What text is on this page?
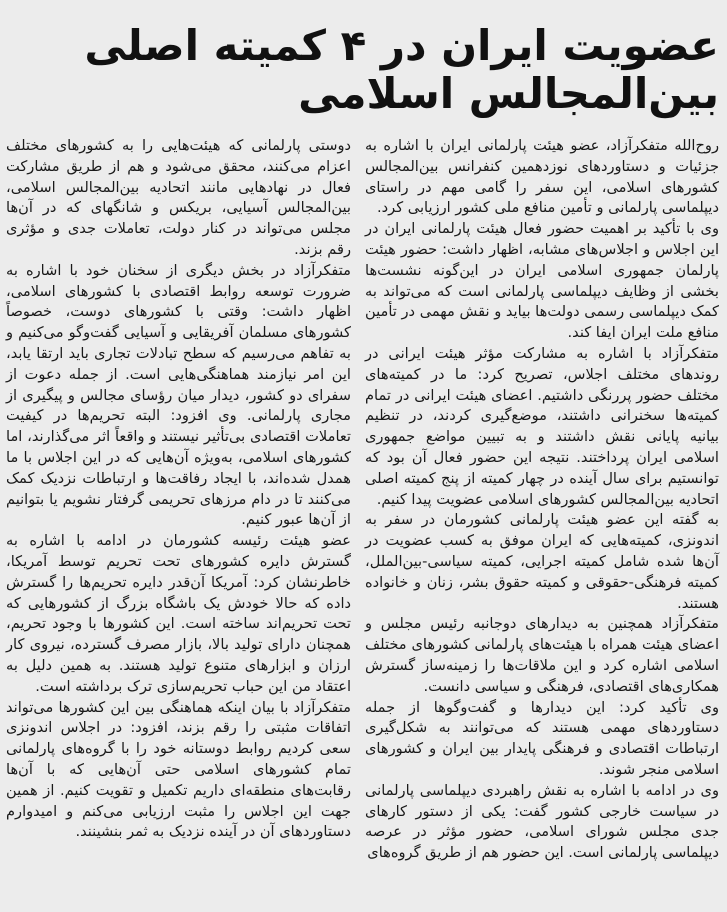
عضویت ایران در ۴ کمیته اصلی
بین‌المجالس اسلامی

روح‌الله متفکرآزاد، عضو هیئت پارلمانی ایران با اشاره به جزئیات و دستاوردهای نوزدهمین کنفرانس بین‌المجالس کشورهای اسلامی، این سفر را گامی مهم در راستای دیپلماسی پارلمانی و تأمین منافع ملی کشور ارزیابی کرد.

وی با تأکید بر اهمیت حضور فعال هیئت پارلمانی ایران در این اجلاس و اجلاس‌های مشابه، اظهار داشت: حضور هیئت پارلمان جمهوری اسلامی ایران در این‌گونه نشست‌ها بخشی از وظایف دیپلماسی پارلمانی است که می‌تواند به کمک دیپلماسی رسمی دولت‌ها بیاید و نقش مهمی در تأمین منافع ملت ایران ایفا کند.

متفکرآزاد با اشاره به مشارکت مؤثر هیئت ایرانی در روندهای مختلف اجلاس، تصریح کرد: ما در کمیته‌های مختلف حضور پررنگی داشتیم. اعضای هیئت ایرانی در تمام کمیته‌ها سخنرانی داشتند، موضع‌گیری کردند، در تنظیم بیانیه پایانی نقش داشتند و به تبیین مواضع جمهوری اسلامی ایران پرداختند. نتیجه این حضور فعال آن بود که توانستیم برای سال آینده در چهار کمیته از پنج کمیته اصلی اتحادیه بین‌المجالس کشورهای اسلامی عضویت پیدا کنیم.

به گفته این عضو هیئت پارلمانی کشورمان در سفر به اندونزی، کمیته‌هایی که ایران موفق به کسب عضویت در آن‌ها شده شامل کمیته اجرایی، کمیته سیاسی-بین‌الملل، کمیته فرهنگی-حقوقی و کمیته حقوق بشر، زنان و خانواده هستند.

متفکرآزاد همچنین به دیدارهای دوجانبه رئیس مجلس و اعضای هیئت همراه با هیئت‌های پارلمانی کشورهای مختلف اسلامی اشاره کرد و این ملاقات‌ها را زمینه‌ساز گسترش همکاری‌های اقتصادی، فرهنگی و سیاسی دانست.

وی تأکید کرد: این دیدارها و گفت‌وگوها از جمله دستاوردهای مهمی هستند که می‌توانند به شکل‌گیری ارتباطات اقتصادی و فرهنگی پایدار بین ایران و کشورهای اسلامی منجر شوند.

وی در ادامه با اشاره به نقش راهبردی دیپلماسی پارلمانی در سیاست خارجی کشور گفت: یکی از دستور کارهای جدی مجلس شورای اسلامی، حضور مؤثر در عرصه دیپلماسی پارلمانی است. این حضور هم از طریق گروه‌های

دوستی پارلمانی که هیئت‌هایی را به کشورهای مختلف اعزام می‌کنند، محقق می‌شود و هم از طریق مشارکت فعال در نهادهایی مانند اتحادیه بین‌المجالس اسلامی، بین‌المجالس آسیایی، بریکس و شانگهای که در آن‌ها مجلس می‌تواند در کنار دولت، تعاملات جدی و مؤثری رقم بزند.

متفکرآزاد در بخش دیگری از سخنان خود با اشاره به ضرورت توسعه روابط اقتصادی با کشورهای اسلامی، اظهار داشت: وقتی با کشورهای دوست، خصوصاً کشورهای مسلمان آفریقایی و آسیایی گفت‌وگو می‌کنیم و به تفاهم می‌رسیم که سطح تبادلات تجاری باید ارتقا یابد، این امر نیازمند هماهنگی‌هایی است. از جمله دعوت از سفرای دو کشور، دیدار میان رؤسای مجالس و پیگیری از مجاری پارلمانی. وی افزود: البته تحریم‌ها در کیفیت تعاملات اقتصادی بی‌تأثیر نیستند و واقعاً اثر می‌گذارند، اما کشورهای اسلامی، به‌ویژه آن‌هایی که در این اجلاس با ما همدل شده‌اند، با ایجاد رفاقت‌ها و ارتباطات نزدیک کمک می‌کنند تا در دام مرزهای تحریمی گرفتار نشویم یا بتوانیم از آن‌ها عبور کنیم.

عضو هیئت رئیسه کشورمان در ادامه با اشاره به گسترش دایره کشورهای تحت تحریم توسط آمریکا، خاطرنشان کرد: آمریکا آن‌قدر دایره تحریم‌ها را گسترش داده که حالا خودش یک باشگاه بزرگ از کشورهایی که تحت تحریم‌اند ساخته است. این کشورها با وجود تحریم، همچنان دارای تولید بالا، بازار مصرف گسترده، نیروی کار ارزان و ابزارهای متنوع تولید هستند. به همین دلیل به اعتقاد من این حباب تحریم‌سازی ترک برداشته است.

متفکرآزاد با بیان اینکه هماهنگی بین این کشورها می‌تواند اتفاقات مثبتی را رقم بزند، افزود: در اجلاس اندونزی سعی کردیم روابط دوستانه خود را با گروه‌های پارلمانی تمام کشورهای اسلامی حتی آن‌هایی که با آن‌ها رقابت‌های منطقه‌ای داریم تکمیل و تقویت کنیم. از همین جهت این اجلاس را مثبت ارزیابی می‌کنم و امیدوارم دستاوردهای آن در آینده نزدیک به ثمر بنشینند.
